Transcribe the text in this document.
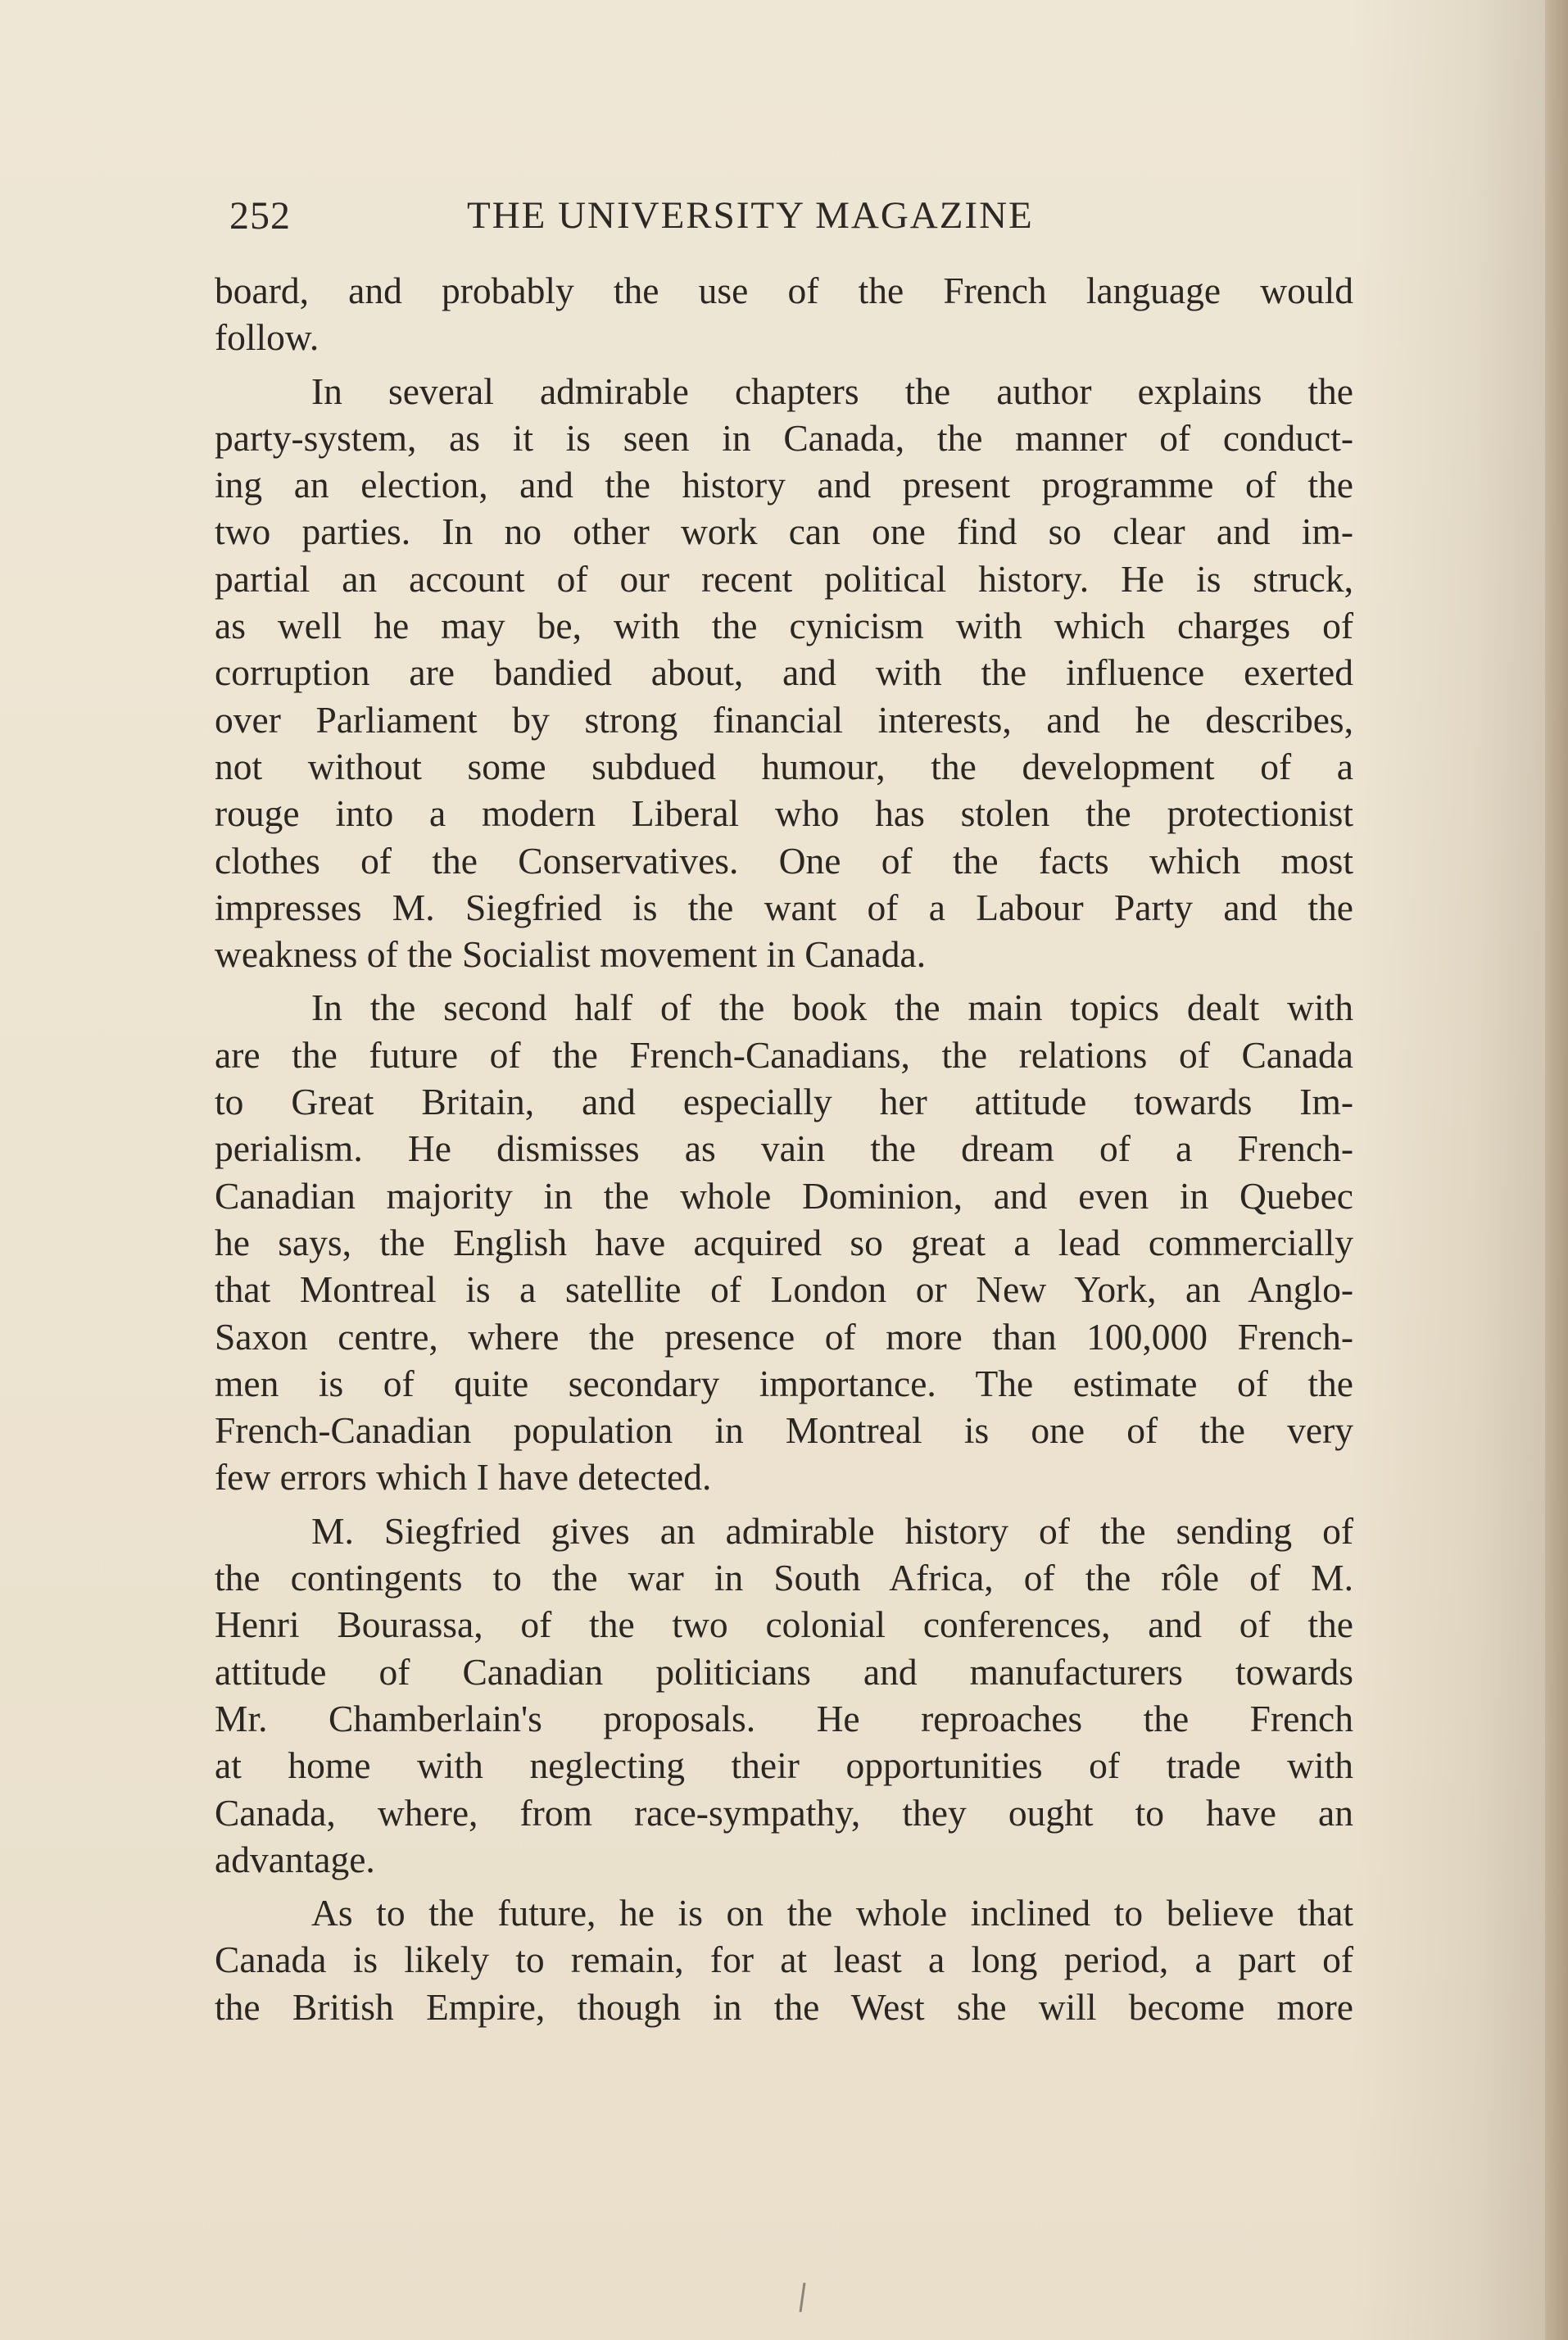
252	THE UNIVERSITY MAGAZINE
board, and probably the use of the French language would
follow.
In several admirable chapters the author explains the
party-system, as it is seen in Canada, the manner of conduct-
ing an election, and the history and present programme of the
two parties. In no other work can one find so clear and im-
partial an account of our recent political history. He is struck,
as well he may be, with the cynicism with which charges of
corruption are bandied about, and with the influence exerted
over Parliament by strong financial interests, and he describes,
not without some subdued humour, the development of a
rouge into a modern Liberal who has stolen the protectionist
clothes of the Conservatives. One of the facts which most
impresses M. Siegfried is the want of a Labour Party and the
weakness of the Socialist movement in Canada.
In the second half of the book the main topics dealt with
are the future of the French-Canadians, the relations of Canada
to Great Britain, and especially her attitude towards Im-
perialism. He dismisses as vain the dream of a French-
Canadian majority in the whole Dominion, and even in Quebec
he says, the English have acquired so great a lead commercially
that Montreal is a satellite of London or New York, an Anglo-
Saxon centre, where the presence of more than 100,000 French-
men is of quite secondary importance. The estimate of the
French-Canadian population in Montreal is one of the very
few errors which I have detected.
M. Siegfried gives an admirable history of the sending of
the contingents to the war in South Africa, of the rôle of M.
Henri Bourassa, of the two colonial conferences, and of the
attitude of Canadian politicians and manufacturers towards
Mr. Chamberlain's proposals. He reproaches the French
at home with neglecting their opportunities of trade with
Canada, where, from race-sympathy, they ought to have an
advantage.
As to the future, he is on the whole inclined to believe that
Canada is likely to remain, for at least a long period, a part of
the British Empire, though in the West she will become more
